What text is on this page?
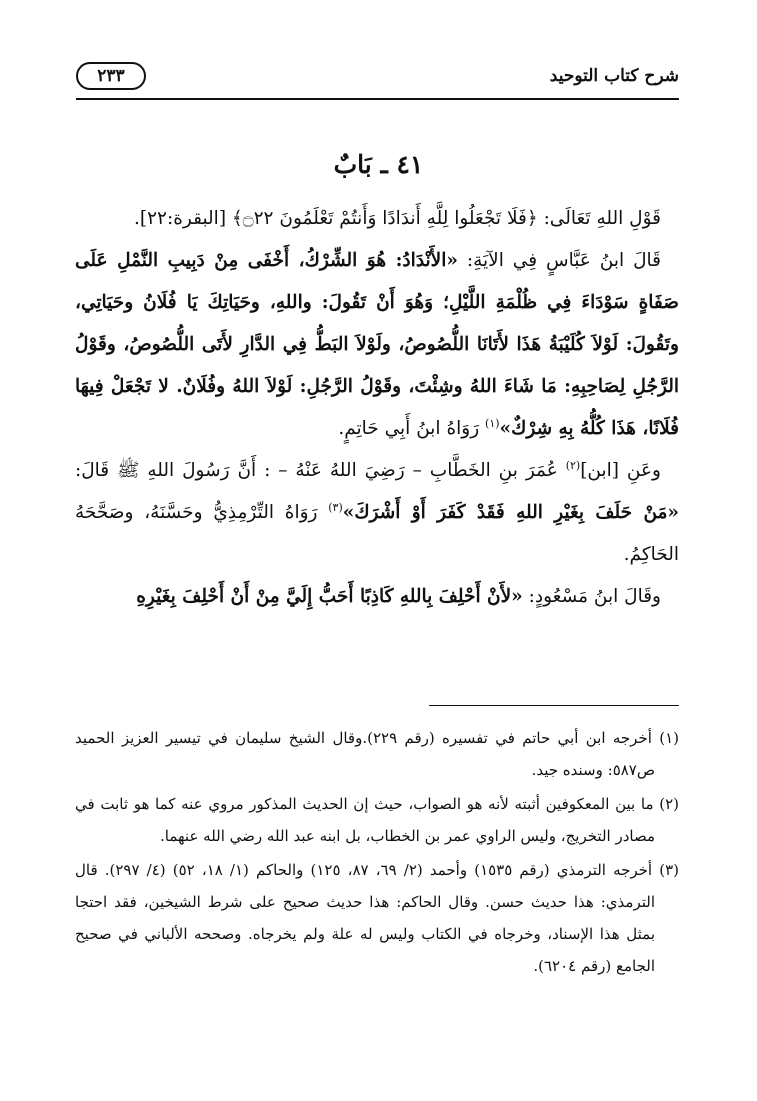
شرح كتاب التوحيد
٢٣٣
٤١ ـ بَابٌ

قَوْلِ اللهِ تَعَالَى: ﴿فَلَا تَجْعَلُوا لِلَّهِ أَندَادًا وَأَنتُمْ تَعْلَمُونَ ۝٢٢﴾ [البقرة:٢٢].

قَالَ ابنُ عَبَّاسٍ فِي الآيَةِ: «الأَنْدَادُ: هُوَ الشِّرْكُ، أَخْفَى مِنْ دَبِيبِ النَّمْلِ عَلَى صَفَاةٍ سَوْدَاءَ فِي ظُلْمَةِ اللَّيْلِ؛ وَهُوَ أَنْ تَقُولَ: واللهِ، وحَيَاتِكَ يَا فُلَانُ وحَيَاتِي، وتَقُولَ: لَوْلاَ كُلَيْبَةُ هَذَا لأَتَانَا اللُّصُوصُ، ولَوْلاَ البَطُّ فِي الدَّارِ لأَتَى اللُّصُوصُ، وقَوْلُ الرَّجُلِ لِصَاحِبِهِ: مَا شَاءَ اللهُ وشِئْتَ، وقَوْلُ الرَّجُلِ: لَوْلاَ اللهُ وفُلَانٌ. لا تَجْعَلْ فِيهَا فُلَانًا، هَذَا كُلُّهُ بِهِ شِرْكٌ»$^{(١)}$ رَوَاهُ ابنُ أَبِي حَاتِمٍ.

وعَنِ [ابن]$^{(٢)}$ عُمَرَ بنِ الخَطَّابِ – رَضِيَ اللهُ عَنْهُ – : أَنَّ رَسُولَ اللهِ ﷺ قَالَ: «مَنْ حَلَفَ بِغَيْرِ اللهِ فَقَدْ كَفَرَ أَوْ أَشْرَكَ»$^{(٣)}$ رَوَاهُ التِّرْمِذِيُّ وحَسَّنَهُ، وصَحَّحَهُ الحَاكِمُ.

وقَالَ ابنُ مَسْعُودٍ: «لأَنْ أَحْلِفَ بِاللهِ كَاذِبًا أَحَبُّ إِلَيَّ مِنْ أَنْ أَحْلِفَ بِغَيْرِهِ

(١) أخرجه ابن أبي حاتم في تفسيره (رقم ٢٢٩).وقال الشيخ سليمان في تيسير العزيز الحميد ص٥٨٧: وسنده جيد.

(٢) ما بين المعكوفين أثبته لأنه هو الصواب، حيث إن الحديث المذكور مروي عنه كما هو ثابت في مصادر التخريج، وليس الراوي عمر بن الخطاب، بل ابنه عبد الله رضي الله عنهما.

(٣) أخرجه الترمذي (رقم ١٥٣٥) وأحمد (٢/ ٦٩، ٨٧، ١٢٥) والحاكم (١/ ١٨، ٥٢) (٤/ ٢٩٧). قال الترمذي: هذا حديث حسن. وقال الحاكم: هذا حديث صحيح على شرط الشيخين، فقد احتجا بمثل هذا الإسناد، وخرجاه في الكتاب وليس له علة ولم يخرجاه. وصححه الألباني في صحيح الجامع (رقم ٦٢٠٤).
